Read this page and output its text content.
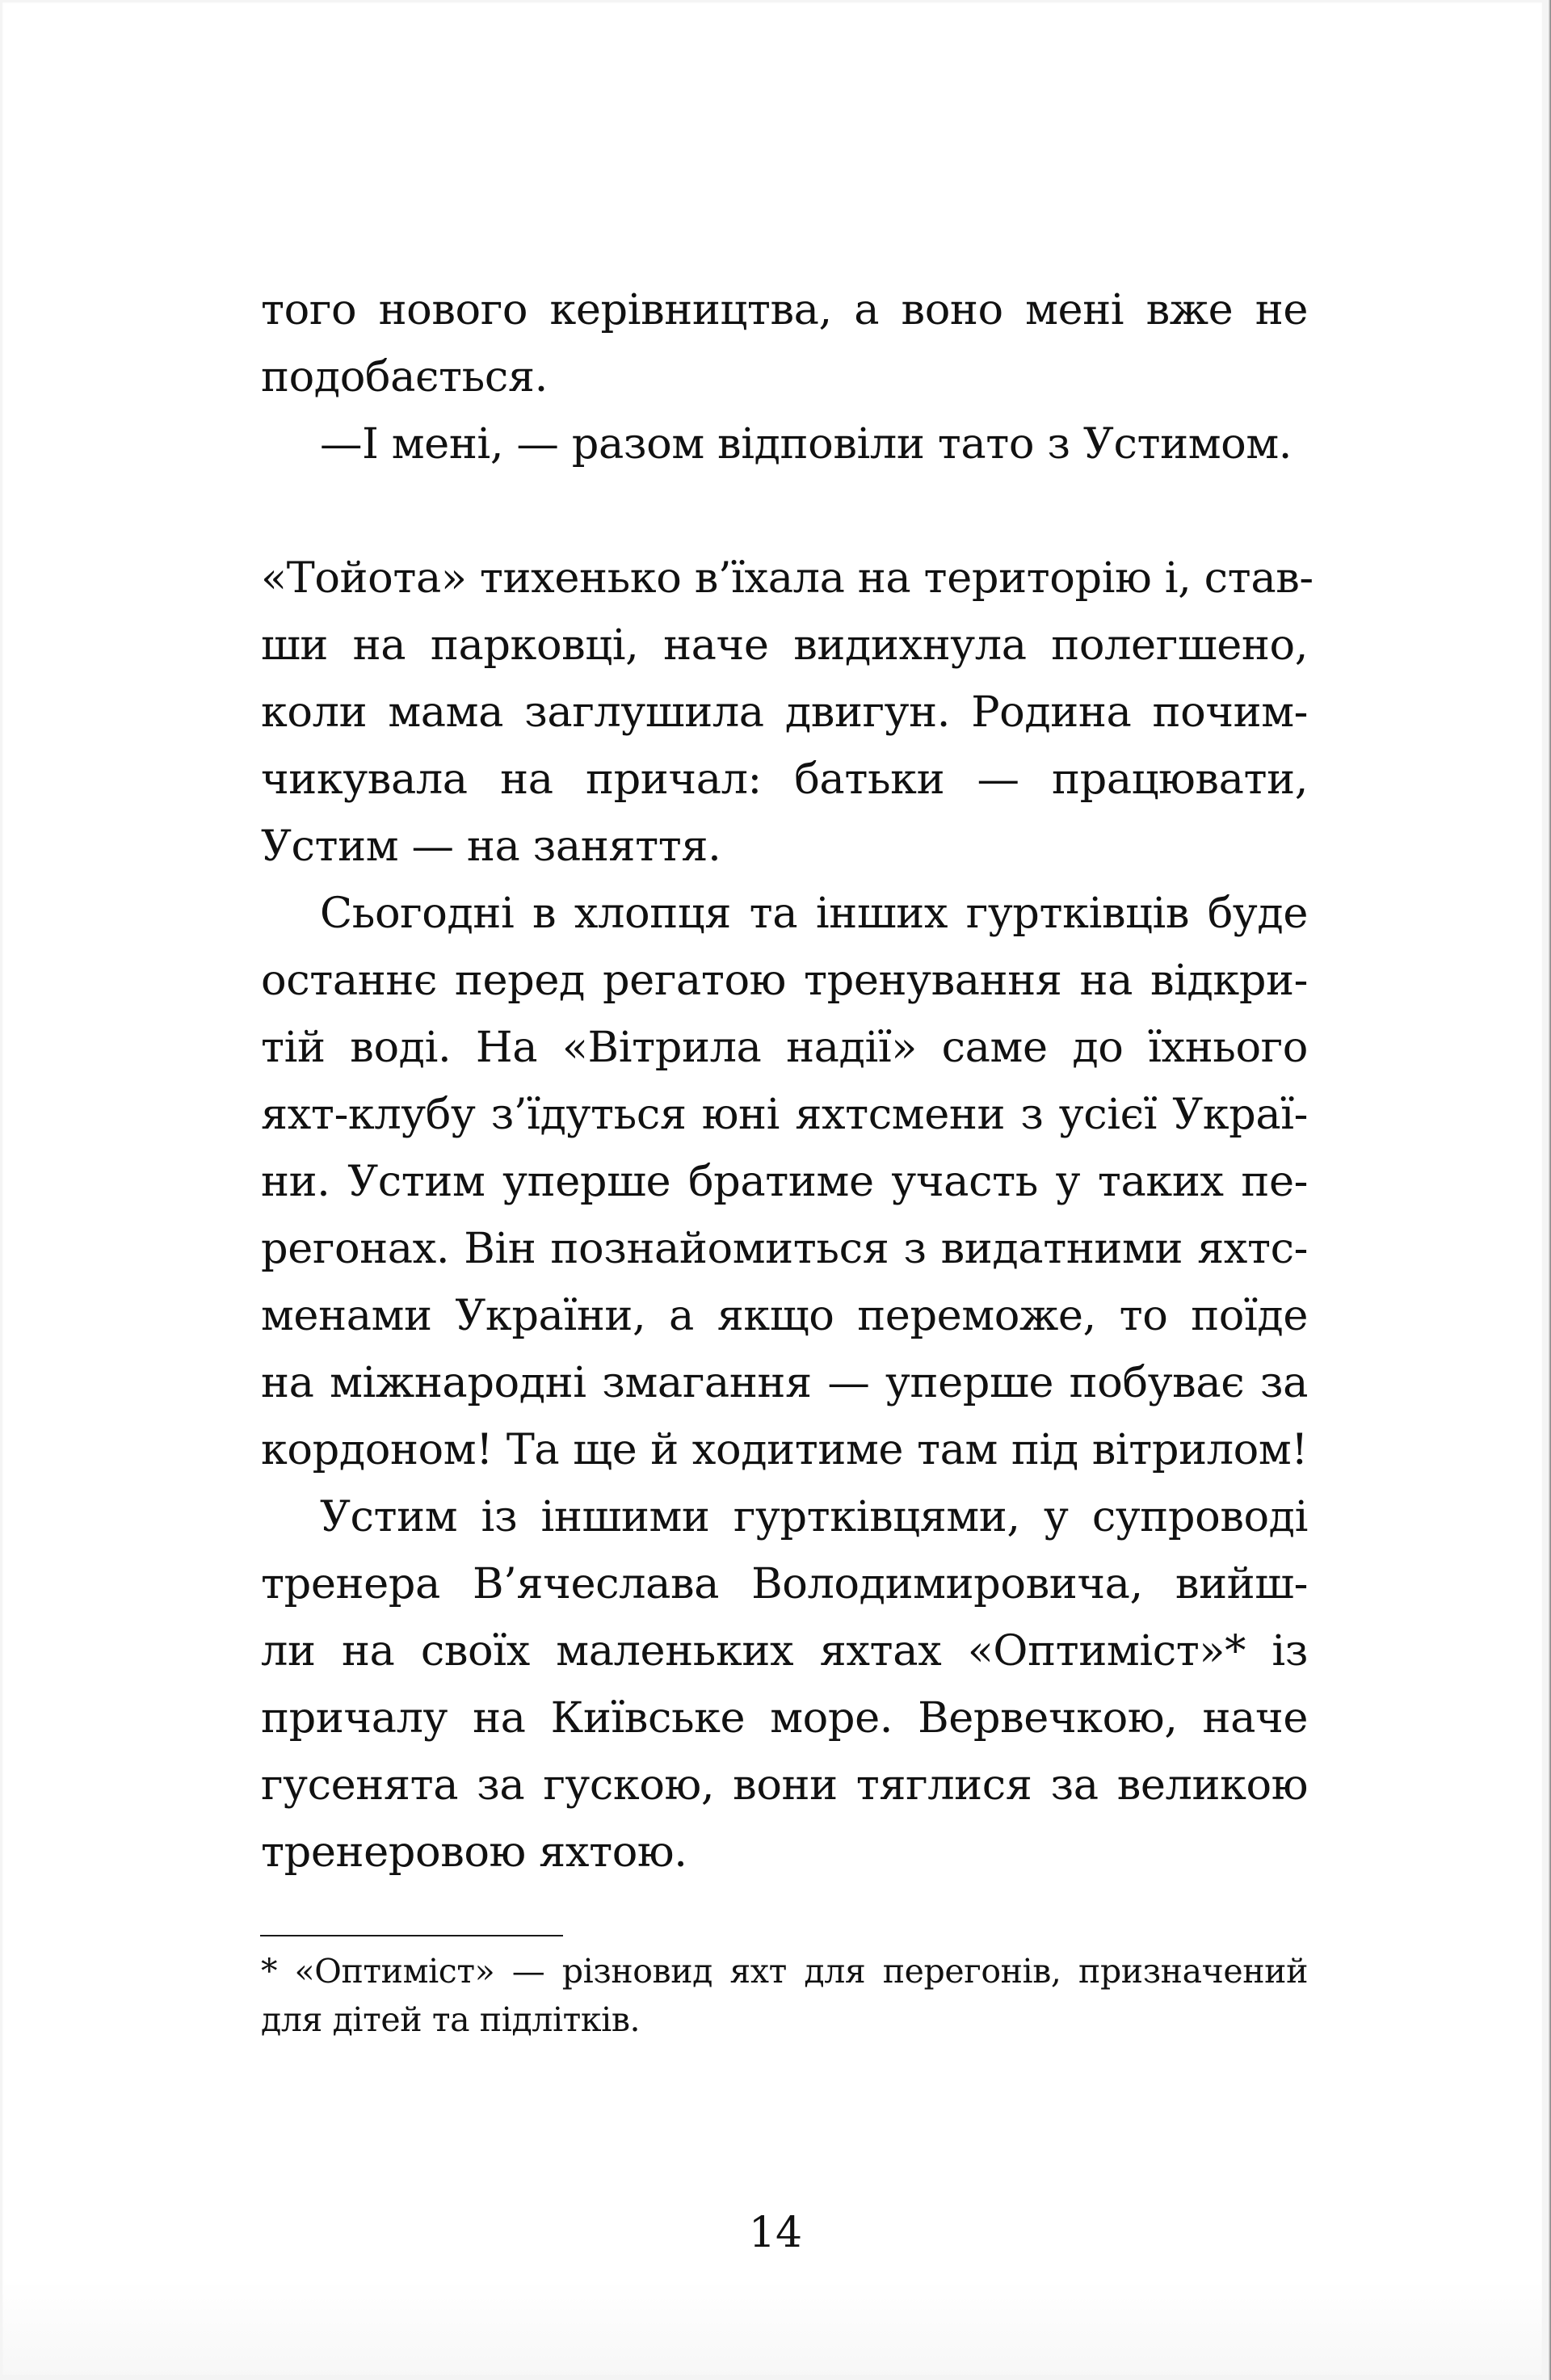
того нового керівництва, а воно мені вже не
подобається.
—І мені, — разом відповіли тато з Устимом.
«Тойота» тихенько в’їхала на територію і, став-
ши на парковці, наче видихнула полегшено,
коли мама заглушила двигун. Родина почим-
чикувала на причал: батьки — працювати,
Устим — на заняття.
Сьогодні в хлопця та інших гуртківців буде
останнє перед регатою тренування на відкри-
тій воді. На «Вітрила надії» саме до їхнього
яхт-клубу з’їдуться юні яхтсмени з усієї Украї-
ни. Устим уперше братиме участь у таких пе-
регонах. Він познайомиться з видатними яхтс-
менами України, а якщо переможе, то поїде
на міжнародні змагання — уперше побуває за
кордоном! Та ще й ходитиме там під вітрилом!
Устим із іншими гуртківцями, у супроводі
тренера В’ячеслава Володимировича, вийш-
ли на своїх маленьких яхтах «Оптиміст»* із
причалу на Київське море. Вервечкою, наче
гусенята за гускою, вони тяглися за великою
тренеровою яхтою.
* «Оптиміст» — різновид яхт для перегонів, призначений
для дітей та підлітків.
14
